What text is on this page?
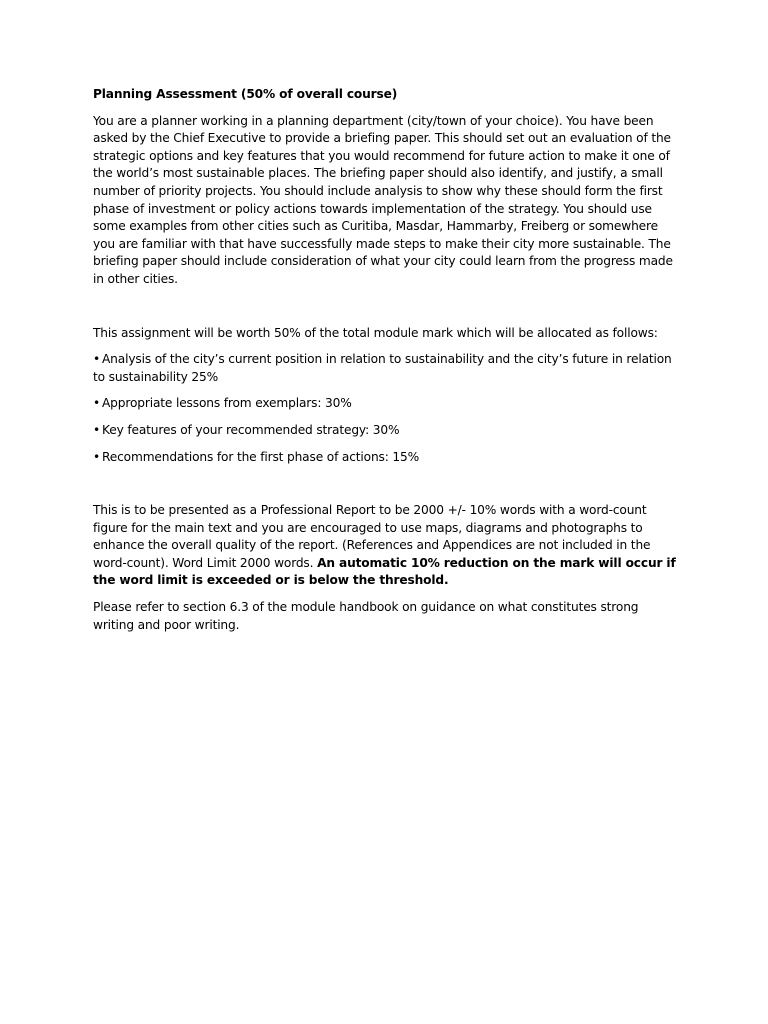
Planning Assessment (50% of overall course)

You are a planner working in a planning department (city/town of your choice). You have been asked by the Chief Executive to provide a briefing paper. This should set out an evaluation of the strategic options and key features that you would recommend for future action to make it one of the world’s most sustainable places. The briefing paper should also identify, and justify, a small number of priority projects. You should include analysis to show why these should form the first phase of investment or policy actions towards implementation of the strategy. You should use some examples from other cities such as Curitiba, Masdar, Hammarby, Freiberg or somewhere you are familiar with that have successfully made steps to make their city more sustainable. The briefing paper should include consideration of what your city could learn from the progress made in other cities.

This assignment will be worth 50% of the total module mark which will be allocated as follows:

• Analysis of the city’s current position in relation to sustainability and the city’s future in relation to sustainability 25%

• Appropriate lessons from exemplars: 30%

• Key features of your recommended strategy: 30%

• Recommendations for the first phase of actions: 15%

This is to be presented as a Professional Report to be 2000 +/- 10% words with a word-count figure for the main text and you are encouraged to use maps, diagrams and photographs to enhance the overall quality of the report. (References and Appendices are not included in the word-count). Word Limit 2000 words. An automatic 10% reduction on the mark will occur if the word limit is exceeded or is below the threshold.

Please refer to section 6.3 of the module handbook on guidance on what constitutes strong writing and poor writing.
